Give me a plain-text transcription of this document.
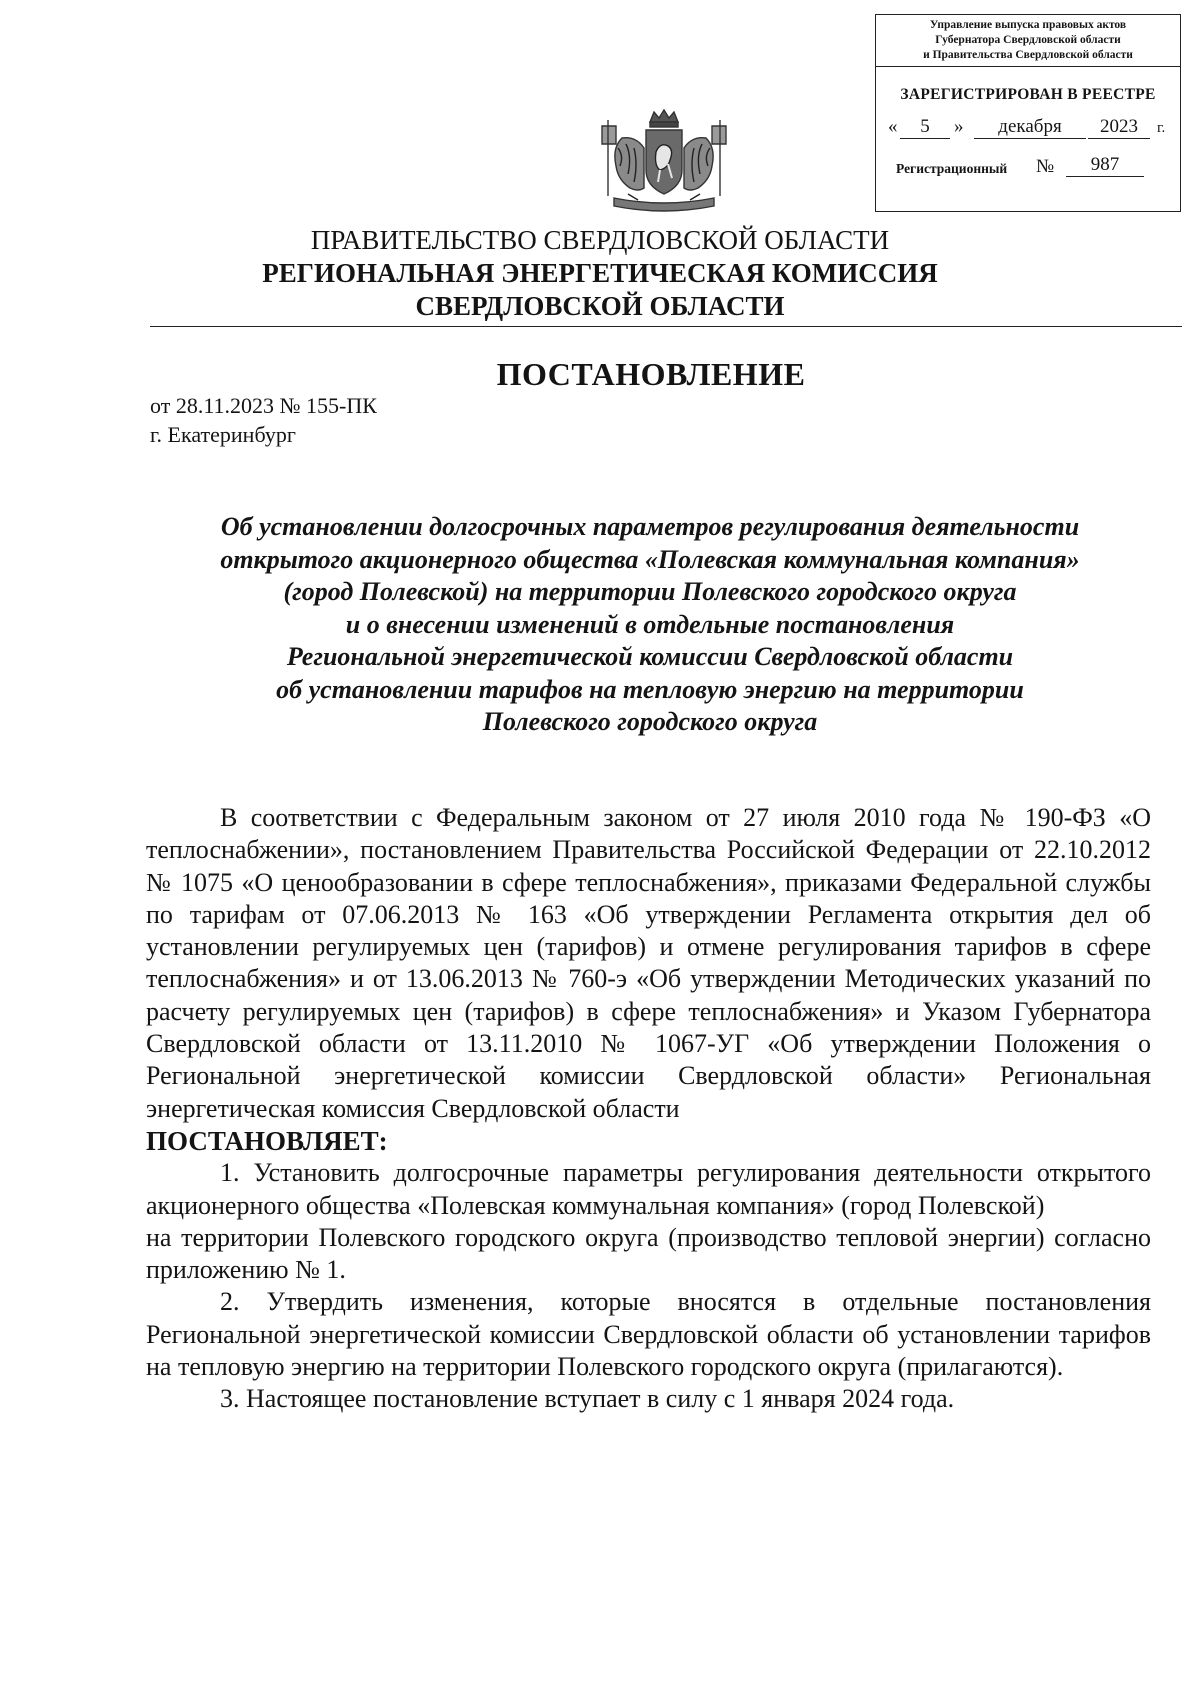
Управление выпуска правовых актов
Губернатора Свердловской области
и Правительства Свердловской области
ЗАРЕГИСТРИРОВАН В РЕЕСТРЕ
«	5	»	декабря	2023	г.
Регистрационный №	987
ПРАВИТЕЛЬСТВО СВЕРДЛОВСКОЙ ОБЛАСТИ
РЕГИОНАЛЬНАЯ ЭНЕРГЕТИЧЕСКАЯ КОМИССИЯ
СВЕРДЛОВСКОЙ ОБЛАСТИ
ПОСТАНОВЛЕНИЕ
от 28.11.2023 № 155-ПК
г. Екатеринбург
Об установлении долгосрочных параметров регулирования деятельности
открытого акционерного общества «Полевская коммунальная компания»
(город Полевской) на территории Полевского городского округа
и о внесении изменений в отдельные постановления
Региональной энергетической комиссии Свердловской области
об установлении тарифов на тепловую энергию на территории
Полевского городского округа

В соответствии с Федеральным законом от 27 июля 2010 года № 190-ФЗ «О теплоснабжении», постановлением Правительства Российской Федерации от 22.10.2012 № 1075 «О ценообразовании в сфере теплоснабжения», приказами Федеральной службы по тарифам от 07.06.2013 № 163 «Об утверждении Регламента открытия дел об установлении регулируемых цен (тарифов) и отмене регулирования тарифов в сфере теплоснабжения» и от 13.06.2013 № 760-э «Об утверждении Методических указаний по расчету регулируемых цен (тарифов) в сфере теплоснабжения» и Указом Губернатора Свердловской области от 13.11.2010 № 1067-УГ «Об утверждении Положения о Региональной энергетической комиссии Свердловской области» Региональная энергетическая комиссия Свердловской области

ПОСТАНОВЛЯЕТ:

1. Установить долгосрочные параметры регулирования деятельности открытого акционерного общества «Полевская коммунальная компания» (город Полевской)

на территории Полевского городского округа (производство тепловой энергии) согласно приложению № 1.

2. Утвердить изменения, которые вносятся в отдельные постановления Региональной энергетической комиссии Свердловской области об установлении тарифов на тепловую энергию на территории Полевского городского округа (прилагаются).

3. Настоящее постановление вступает в силу с 1 января 2024 года.
